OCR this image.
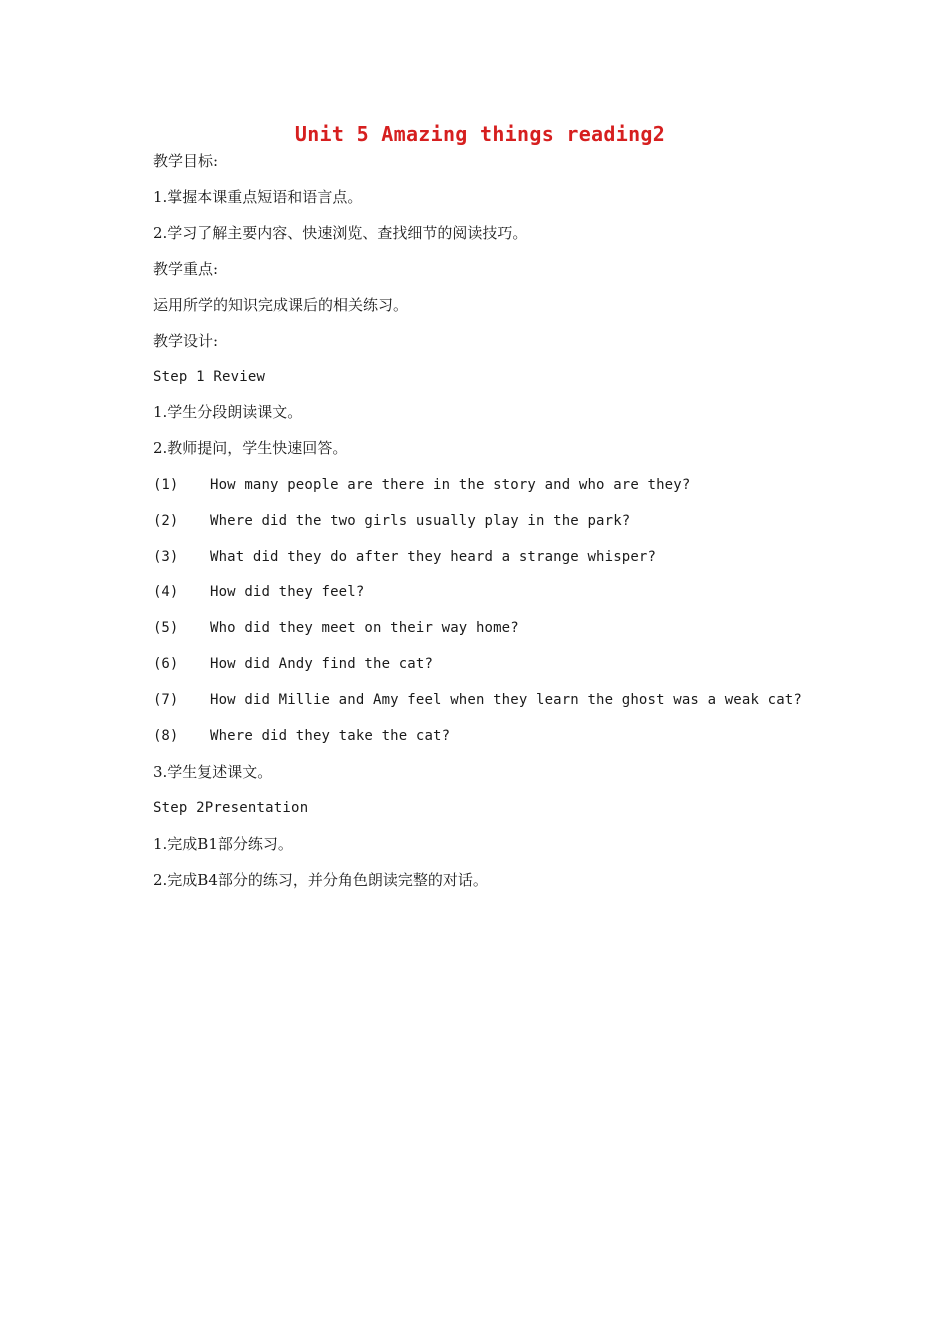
Unit 5 Amazing things reading2
教学目标:
1.掌握本课重点短语和语言点。
2.学习了解主要内容、快速浏览、查找细节的阅读技巧。
教学重点:
运用所学的知识完成课后的相关练习。
教学设计:
Step 1 Review
1.学生分段朗读课文。
2.教师提问，学生快速回答。
(1) How many people are there in the story and who are they?
(2) Where did the two girls usually play in the park?
(3) What did they do after they heard a strange whisper?
(4) How did they feel?
(5) Who did they meet on their way home?
(6) How did Andy find the cat?
(7) How did Millie and Amy feel when they learn the ghost was a weak cat?
(8) Where did they take the cat?
3.学生复述课文。
Step 2Presentation
1.完成B1部分练习。
2.完成B4部分的练习，并分角色朗读完整的对话。
